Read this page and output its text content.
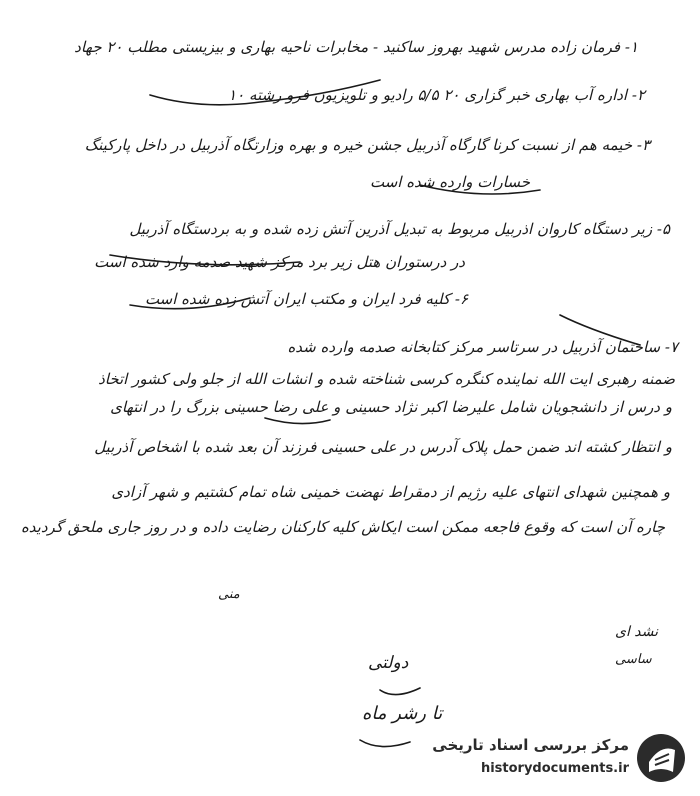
۱- فرمان زاده مدرس شهید بهروز ساکنید - مخابرات ناحیه بهاری و بیزیستی مطلب ۲۰ جهاد
۲- اداره آب بهاری خبر گزاری ۲۰ ۵/۵ رادیو و تلویزیون فرو رشته ۱۰
۳- خیمه هم از نسبت کرنا گارگاه آذربیل جشن خیره و بهره وزارتگاه آذربیل در داخل پارکینگ
خسارات وارده شده است
۵- زیر دستگاه کاروان اذربیل مربوط به تبدیل آذرین آتش زده شده و به بردستگاه آذربیل
در درستوران هتل زیر برد مرکز شهید صدمه وارد شده است
۶- کلیه فرد ایران و مکتب ایران آتش زده شده است
۷- ساختمان آذربیل در سرتاسر مرکز کتابخانه صدمه وارده شده
ضمنه رهبری ایت الله نماینده کنگره کرسی شناخته شده و انشات الله از جلو ولی کشور اتخاذ
و درس از دانشجویان شامل علیرضا اکبر نژاد حسینی و علی رضا حسینی بزرگ را در انتهای
و انتظار کشته اند ضمن حمل پلاک آدرس در علی حسینی فرزند آن بعد شده با اشخاص آذربیل
و همچنین شهدای انتهای علیه رژیم از دمقراط نهضت خمینی شاه تمام کشتیم و شهر آزادی
چاره آن است که وقوع فاجعه ممکن است ایکاش کلیه کارکنان رضایت داده و در روز جاری ملحق گردیده
منی
نشد ای
ساسی
دولتی
تا رشر ماه
مرکز بررسی اسناد تاریخی
historydocuments.ir
